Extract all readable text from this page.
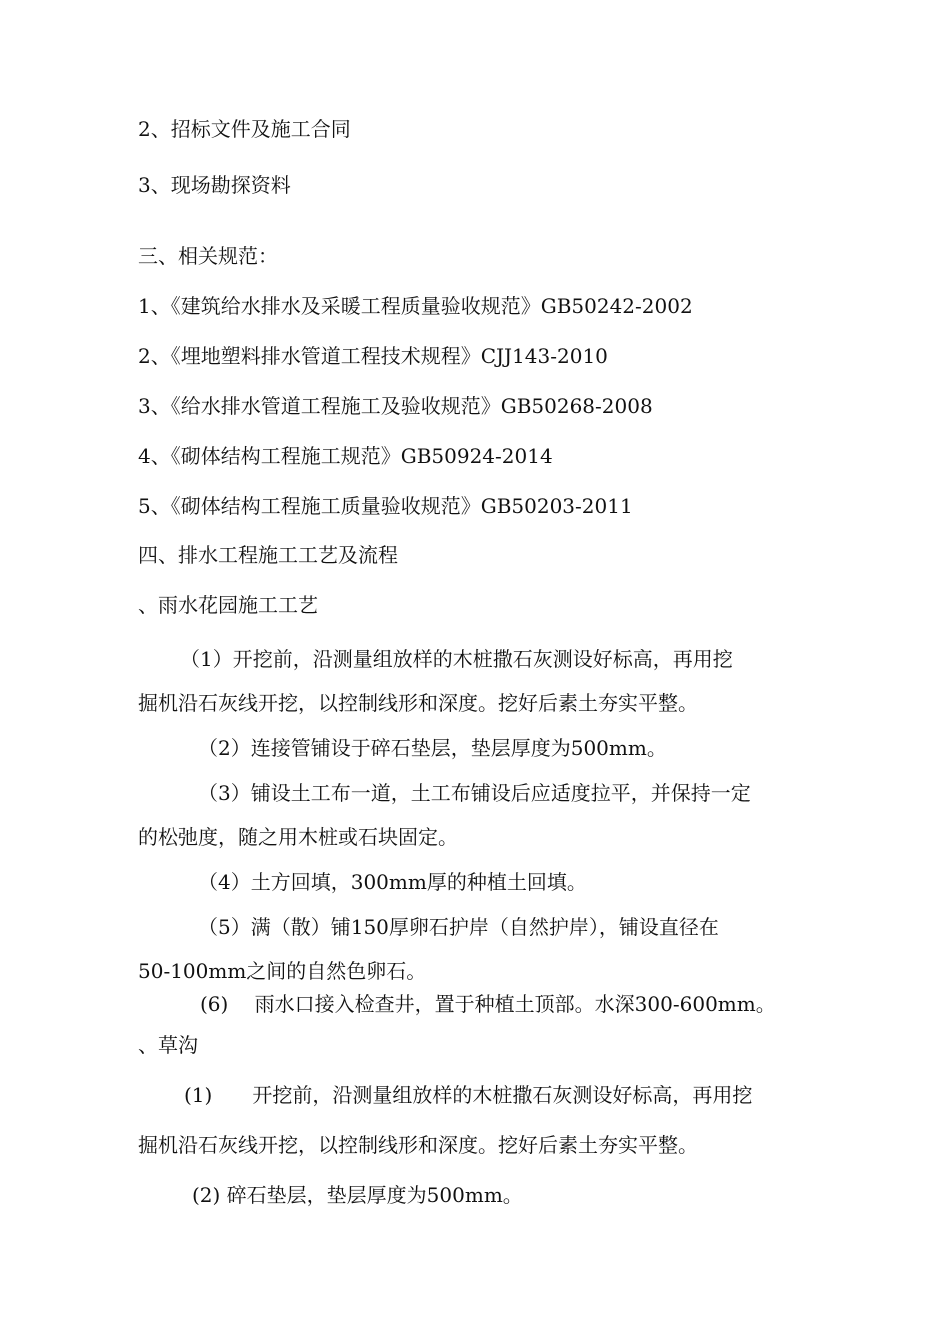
2、招标文件及施工合同
3、现场勘探资料
三、相关规范：
1、《建筑给水排水及采暖工程质量验收规范》GB50242-2002
2、《埋地塑料排水管道工程技术规程》CJJ143-2010
3、《给水排水管道工程施工及验收规范》GB50268-2008
4、《砌体结构工程施工规范》GB50924-2014
5、《砌体结构工程施工质量验收规范》GB50203-2011
四、排水工程施工工艺及流程
、雨水花园施工工艺
（1）开挖前，沿测量组放样的木桩撒石灰测设好标高，再用挖
掘机沿石灰线开挖，以控制线形和深度。挖好后素土夯实平整。
（2）连接管铺设于碎石垫层，垫层厚度为500mm。
（3）铺设土工布一道，土工布铺设后应适度拉平，并保持一定
的松弛度，随之用木桩或石块固定。
（4）土方回填，300mm厚的种植土回填。
（5）满（散）铺150厚卵石护岸（自然护岸），铺设直径在
50-100mm之间的自然色卵石。
(6)　 雨水口接入检查井，置于种植土顶部。水深300-600mm。
、草沟
(1)　　开挖前，沿测量组放样的木桩撒石灰测设好标高，再用挖
掘机沿石灰线开挖，以控制线形和深度。挖好后素土夯实平整。
(2) 碎石垫层，垫层厚度为500mm。
